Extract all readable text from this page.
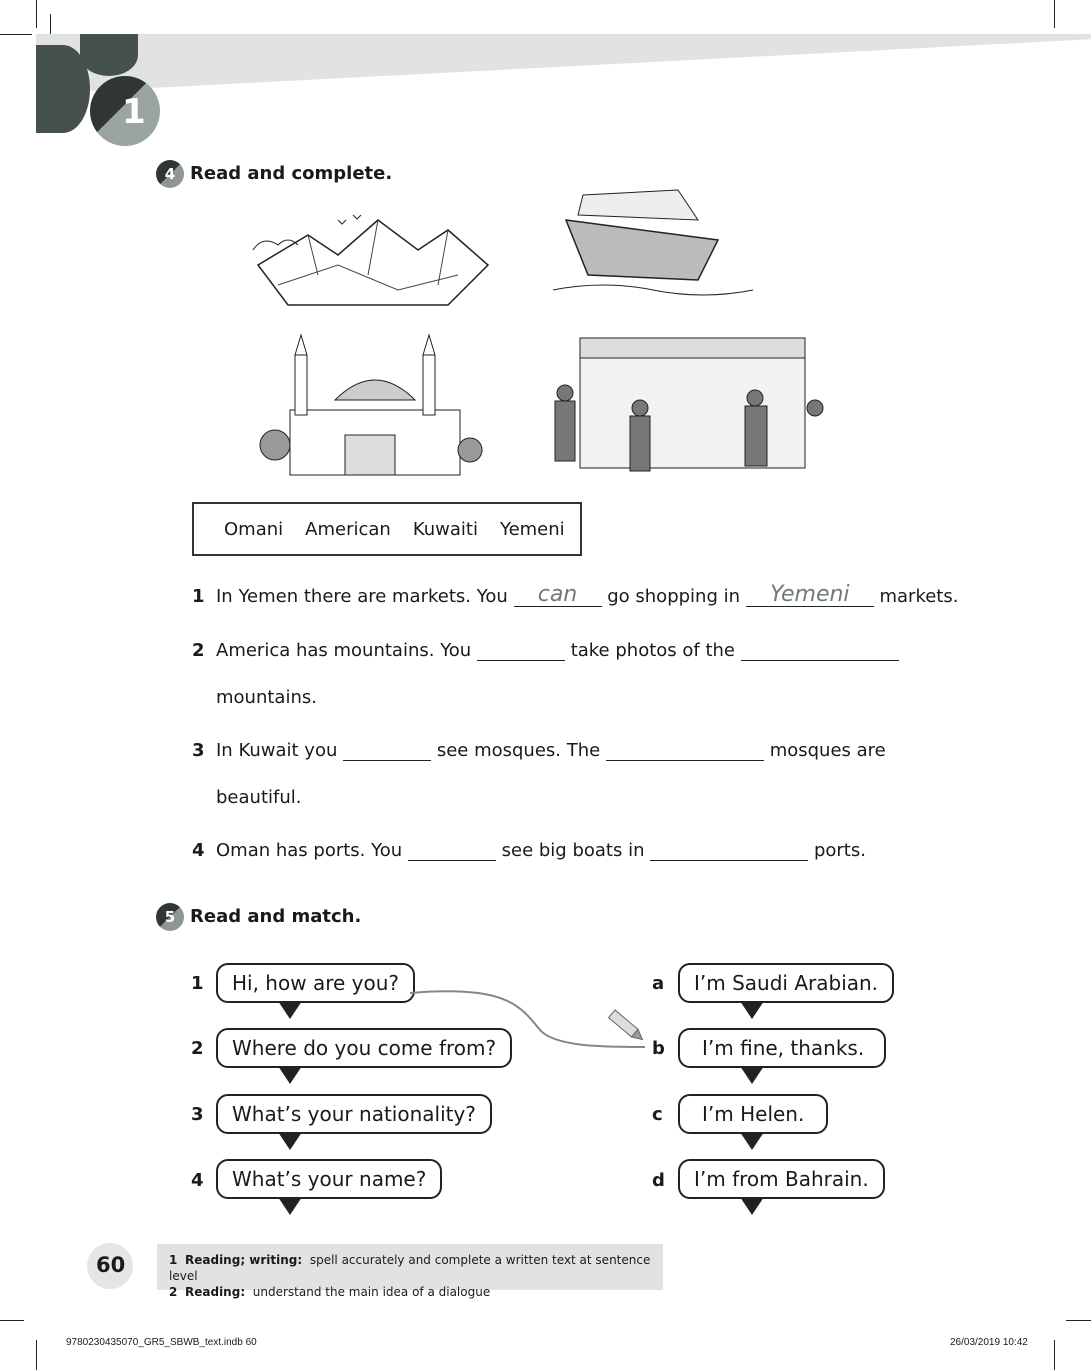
1
4 Read and complete.
Omani American Kuwaiti Yemeni
1 In Yemen there are markets. You can go shopping in Yemeni markets.
2 America has mountains. You	take photos of the
mountains.
3 In Kuwait you	see mosques. The	mosques are
beautiful.
4 Oman has ports. You	see big boats in	ports.
5 Read and match.
1	Hi, how are you?
2	Where do you come from?
3	What’s your nationality?
4	What’s your name?
a	I’m Saudi Arabian.
b	I’m fine, thanks.
c	I’m Helen.
d	I’m from Bahrain.
60	1 Reading; writing: spell accurately and complete a written text at sentence level
2 Reading: understand the main idea of a dialogue
9780230435070_GR5_SBWB_text.indb 60	26/03/2019 10:42
